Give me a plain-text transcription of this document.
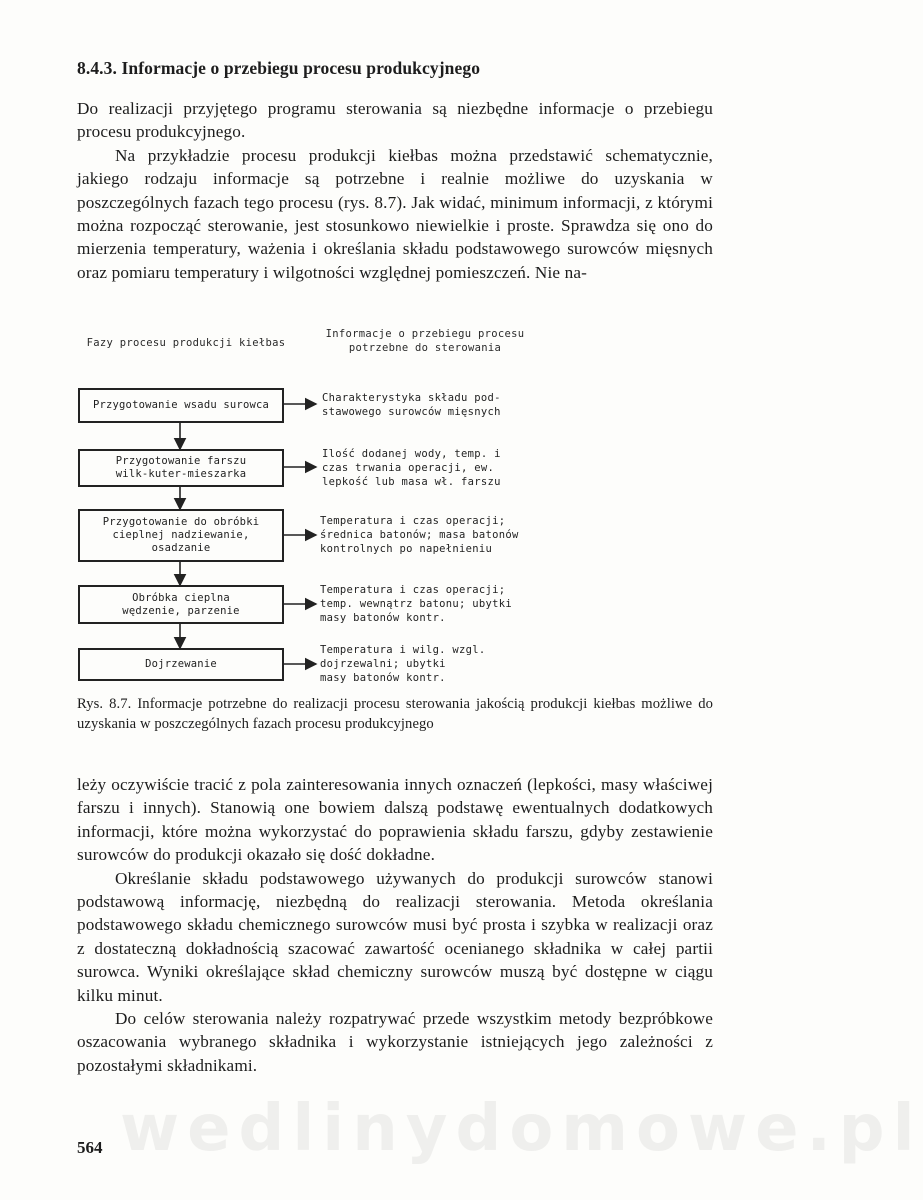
8.4.3. Informacje o przebiegu procesu produkcyjnego

Do realizacji przyjętego programu sterowania są niezbędne informacje o przebiegu procesu produkcyjnego.
Na przykładzie procesu produkcji kiełbas można przedstawić schematycznie, jakiego rodzaju informacje są potrzebne i realnie możliwe do uzyskania w poszczególnych fazach tego procesu (rys. 8.7). Jak widać, minimum informacji, z którymi można rozpocząć sterowanie, jest stosunkowo niewielkie i proste. Sprawdza się ono do mierzenia temperatury, ważenia i określania składu podstawowego surowców mięsnych oraz pomiaru temperatury i wilgotności względnej pomieszczeń. Nie na-

Fazy procesu produkcji kiełbas
Informacje o przebiegu procesu
potrzebne do sterowania
Przygotowanie wsadu surowca
Przygotowanie farszu
wilk-kuter-mieszarka
Przygotowanie do obróbki
cieplnej nadziewanie,
osadzanie
Obróbka cieplna
wędzenie, parzenie
Dojrzewanie
Charakterystyka składu pod-
stawowego surowców mięsnych
Ilość dodanej wody, temp. i
czas trwania operacji, ew.
lepkość lub masa wł. farszu
Temperatura i czas operacji;
średnica batonów; masa batonów
kontrolnych po napełnieniu
Temperatura i czas operacji;
temp. wewnątrz batonu; ubytki
masy batonów kontr.
Temperatura i wilg. wzgl.
dojrzewalni; ubytki
masy batonów kontr.

Rys. 8.7. Informacje potrzebne do realizacji procesu sterowania jakością produkcji kiełbas możliwe do uzyskania w poszczególnych fazach procesu produkcyjnego

leży oczywiście tracić z pola zainteresowania innych oznaczeń (lepkości, masy właściwej farszu i innych). Stanowią one bowiem dalszą podstawę ewentualnych dodatkowych informacji, które można wykorzystać do poprawienia składu farszu, gdyby zestawienie surowców do produkcji okazało się dość dokładne.
Określanie składu podstawowego używanych do produkcji surowców stanowi podstawową informację, niezbędną do realizacji sterowania. Metoda określania podstawowego składu chemicznego surowców musi być prosta i szybka w realizacji oraz z dostateczną dokładnością szacować zawartość ocenianego składnika w całej partii surowca. Wyniki określające skład chemiczny surowców muszą być dostępne w ciągu kilku minut.
Do celów sterowania należy rozpatrywać przede wszystkim metody bezpróbkowe oszacowania wybranego składnika i wykorzystanie istniejących jego zależności z pozostałymi składnikami.
wedlinydomowe.pl
564
